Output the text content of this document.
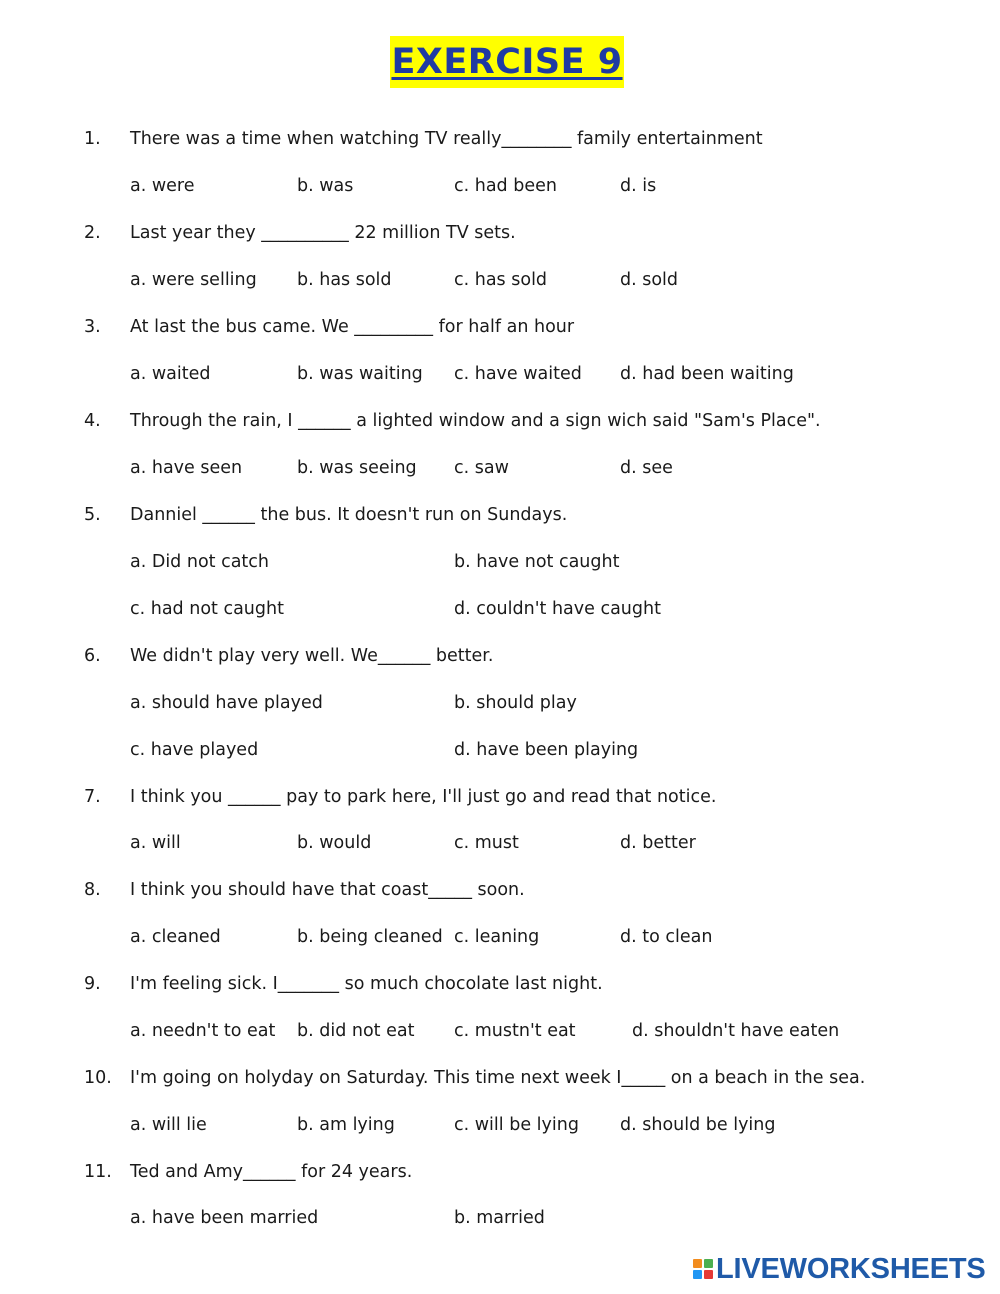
EXERCISE 9
1. There was a time when watching TV really________ family entertainment
a. were	b. was	c. had been	d. is
2. Last year they __________ 22 million TV sets.
a. were selling b. has sold	c. has sold	d. sold
3. At last the bus came. We _________ for half an hour
a. waited	b. was waiting c. have waited d. had been waiting
4. Through the rain, I ______ a lighted window and a sign wich said "Sam's Place".
a. have seen	b. was seeing c. saw	d. see
5. Danniel ______ the bus. It doesn't run on Sundays.
a. Did not catch	b. have not caught
c. had not caught	d. couldn't have caught
6. We didn't play very well. We______ better.
a. should have played	b. should play
c. have played	d. have been playing
7. I think you ______ pay to park here, I'll just go and read that notice.
a. will	b. would	c. must	d. better
8. I think you should have that coast_____ soon.
a. cleaned	b. being cleaned c. leaning	d. to clean
9. I'm feeling sick. I_______ so much chocolate last night.
a. needn't to eat b. did not eat c. mustn't eat	d. shouldn't have eaten
10. I'm going on holyday on Saturday. This time next week I_____ on a beach in the sea.
a. will lie	b. am lying	c. will be lying d. should be lying
11. Ted and Amy______ for 24 years.
a. have been married	b. married
LIVEWORKSHEETS
